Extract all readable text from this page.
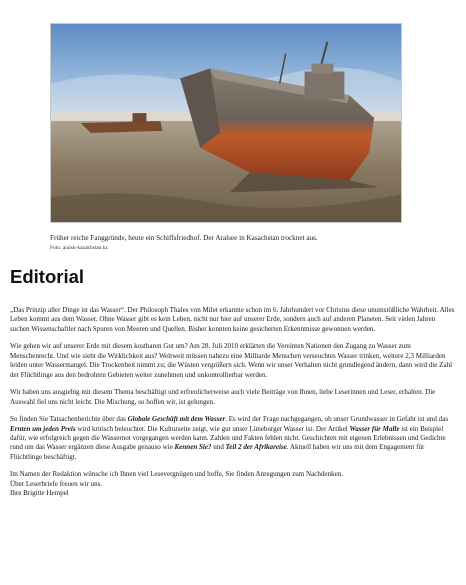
Früher reiche Fanggründe, heute ein Schiffsfriedhof. Der Aralsee in Kasachstan trocknet aus.
Foto: aralsk-kazakhstan.kz
Editorial

„Das Prinzip aller Dinge ist das Wasser“. Der Philosoph Thales von Milet erkannte schon im 6. Jahrhundert vor Christus diese unumstößliche Wahrheit. Alles Leben kommt aus dem Wasser. Ohne Wasser gibt es kein Leben, nicht nur hier auf unserer Erde, sondern auch auf anderen Planeten. Seit vielen Jahren suchen Wissenschaftler nach Spuren von Meeren und Quellen. Bisher konnten keine gesicherten Erkenntnisse gewonnen werden.

Wie gehen wir auf unserer Erde mit diesem kostbaren Gut um? Am 28. Juli 2010 erklärten die Vereinten Nationen den Zugang zu Wasser zum Menschenrecht. Und wie sieht die Wirklichkeit aus? Weltweit müssen nahezu eine Milliarde Menschen verseuchtes Wasser trinken, weitere 2,3 Milliarden leiden unter Wassermangel. Die Trockenheit nimmt zu; die Wüsten vergrößern sich. Wenn wir unser Verhalten nicht grundlegend ändern, dann wird die Zahl der Flüchtlinge aus den bedrohten Gebieten weiter zunehmen und unkontrollierbar werden.

Wir haben uns ausgiebig mit diesem Thema beschäftigt und erfreulicherweise auch viele Beiträge von Ihnen, liebe Leserinnen und Leser, erhalten. Die Auswahl fiel uns nicht leicht. Die Mischung, so hoffen wir, ist gelungen.

So finden Sie Tatsachenberichte über das Globale Geschäft mit dem Wasser. Es wird der Frage nachgegangen, ob unser Grundwasser in Gefahr ist und das Ernten um jeden Preis wird kritisch beleuchtet. Die Kulturseite zeigt, wie gut unser Lüneburger Wasser ist. Der Artikel Wasser für Malle ist ein Beispiel dafür, wie erfolgreich gegen die Wassernot vorgegangen werden kann. Zahlen und Fakten fehlen nicht. Geschichten mit eigenen Erlebnissen und Gedichte rund um das Wasser ergänzen diese Ausgabe genauso wie Kennen Sie? und Teil 2 der Afrikareise. Aktuell haben wir uns mit dem Engagement für Flüchtlinge beschäftigt.

Im Namen der Redaktion wünsche ich Ihnen viel Lesevergnügen und hoffe, Sie finden Anregungen zum Nachdenken.
Über Leserbriefe freuen wir uns.
Ihre Brigitte Hempel
